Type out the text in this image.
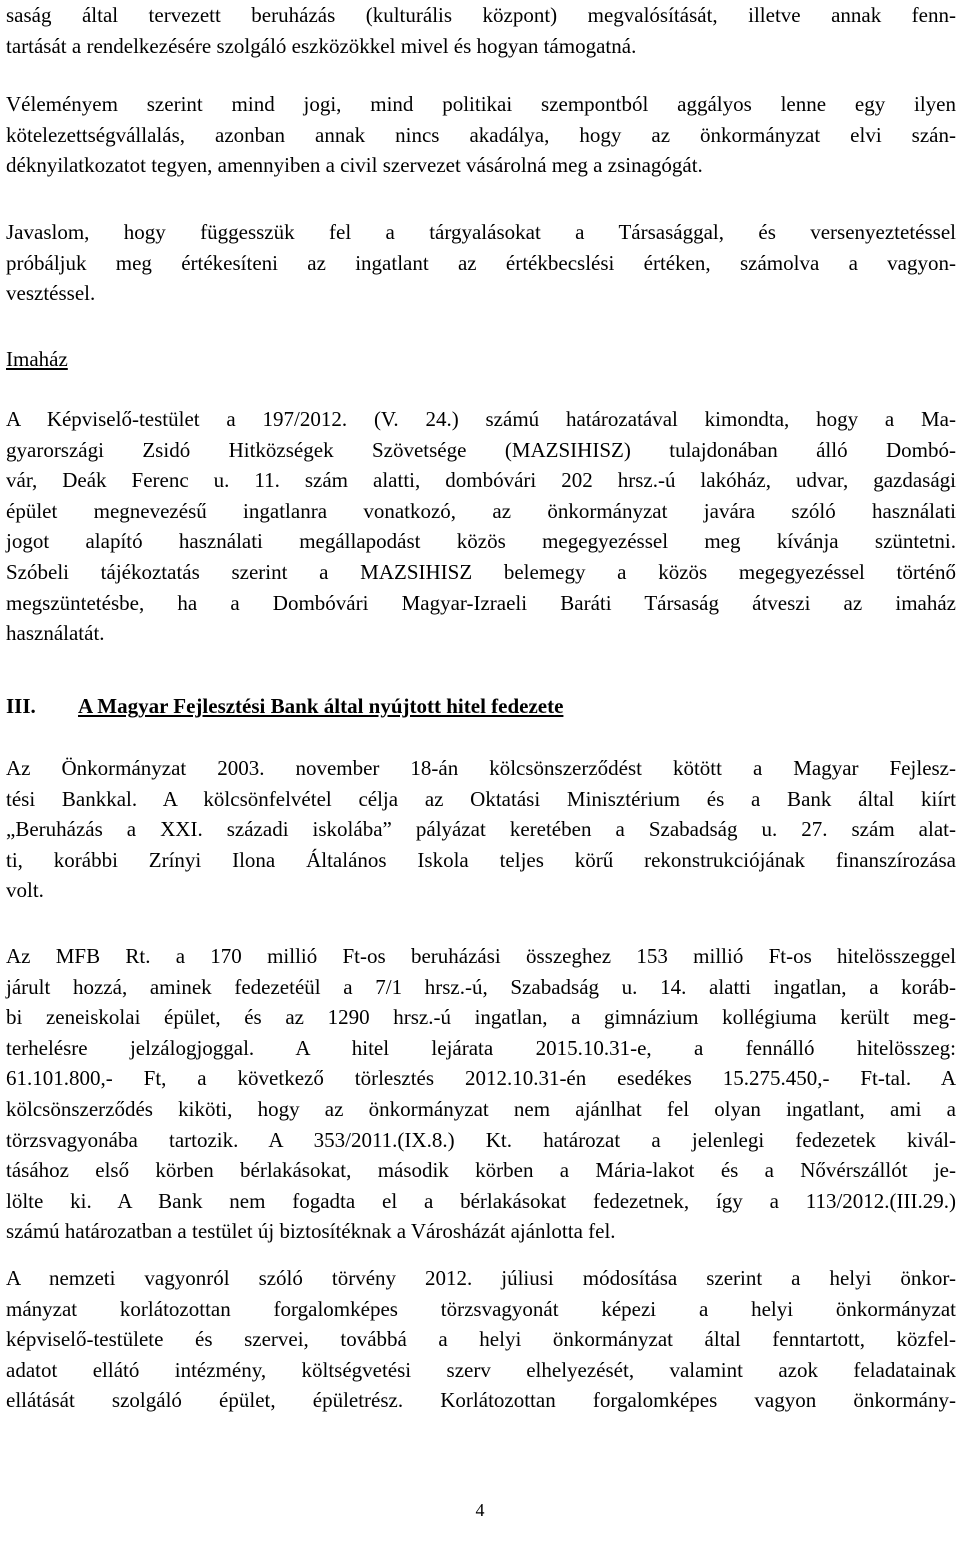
saság által tervezett beruházás (kulturális központ) megvalósítását, illetve annak fenn-
tartását a rendelkezésére szolgáló eszközökkel mivel és hogyan támogatná.

Véleményem szerint mind jogi, mind politikai szempontból aggályos lenne egy ilyen
kötelezettségvállalás, azonban annak nincs akadálya, hogy az önkormányzat elvi szán-
déknyilatkozatot tegyen, amennyiben a civil szervezet vásárolná meg a zsinagógát.

Javaslom, hogy függesszük fel a tárgyalásokat a Társasággal, és versenyeztetéssel
próbáljuk meg értékesíteni az ingatlant az értékbecslési értéken, számolva a vagyon-
vesztéssel.

Imaház

A Képviselő-testület a 197/2012. (V. 24.) számú határozatával kimondta, hogy a Ma-
gyarországi Zsidó Hitközségek Szövetsége (MAZSIHISZ) tulajdonában álló Dombó-
vár, Deák Ferenc u. 11. szám alatti, dombóvári 202 hrsz.-ú lakóház, udvar, gazdasági
épület megnevezésű ingatlanra vonatkozó, az önkormányzat javára szóló használati
jogot alapító használati megállapodást közös megegyezéssel meg kívánja szüntetni.
Szóbeli tájékoztatás szerint a MAZSIHISZ belemegy a közös megegyezéssel történő
megszüntetésbe, ha a Dombóvári Magyar-Izraeli Baráti Társaság átveszi az imaház
használatát.

III.	A Magyar Fejlesztési Bank által nyújtott hitel fedezete

Az Önkormányzat 2003. november 18-án kölcsönszerződést kötött a Magyar Fejlesz-
tési Bankkal. A kölcsönfelvétel célja az Oktatási Minisztérium és a Bank által kiírt
„Beruházás a XXI. századi iskolába” pályázat keretében a Szabadság u. 27. szám alat-
ti, korábbi Zrínyi Ilona Általános Iskola teljes körű rekonstrukciójának finanszírozása
volt.

Az MFB Rt. a 170 millió Ft-os beruházási összeghez 153 millió Ft-os hitelösszeggel
járult hozzá, aminek fedezetéül a 7/1 hrsz.-ú, Szabadság u. 14. alatti ingatlan, a koráb-
bi zeneiskolai épület, és az 1290 hrsz.-ú ingatlan, a gimnázium kollégiuma került meg-
terhelésre jelzálogjoggal. A hitel lejárata 2015.10.31-e, a fennálló hitelösszeg:
61.101.800,- Ft, a következő törlesztés 2012.10.31-én esedékes 15.275.450,- Ft-tal. A
kölcsönszerződés kiköti, hogy az önkormányzat nem ajánlhat fel olyan ingatlant, ami a
törzsvagyonába tartozik. A 353/2011.(IX.8.) Kt. határozat a jelenlegi fedezetek kivál-
tásához első körben bérlakásokat, második körben a Mária-lakot és a Nővérszállót je-
lölte ki. A Bank nem fogadta el a bérlakásokat fedezetnek, így a 113/2012.(III.29.)
számú határozatban a testület új biztosítéknak a Városházát ajánlotta fel.

A nemzeti vagyonról szóló törvény 2012. júliusi módosítása szerint a helyi önkor-
mányzat korlátozottan forgalomképes törzsvagyonát képezi a helyi önkormányzat
képviselő-testülete és szervei, továbbá a helyi önkormányzat által fenntartott, közfel-
adatot ellátó intézmény, költségvetési szerv elhelyezését, valamint azok feladatainak
ellátását szolgáló épület, épületrész. Korlátozottan forgalomképes vagyon önkormány-

4
